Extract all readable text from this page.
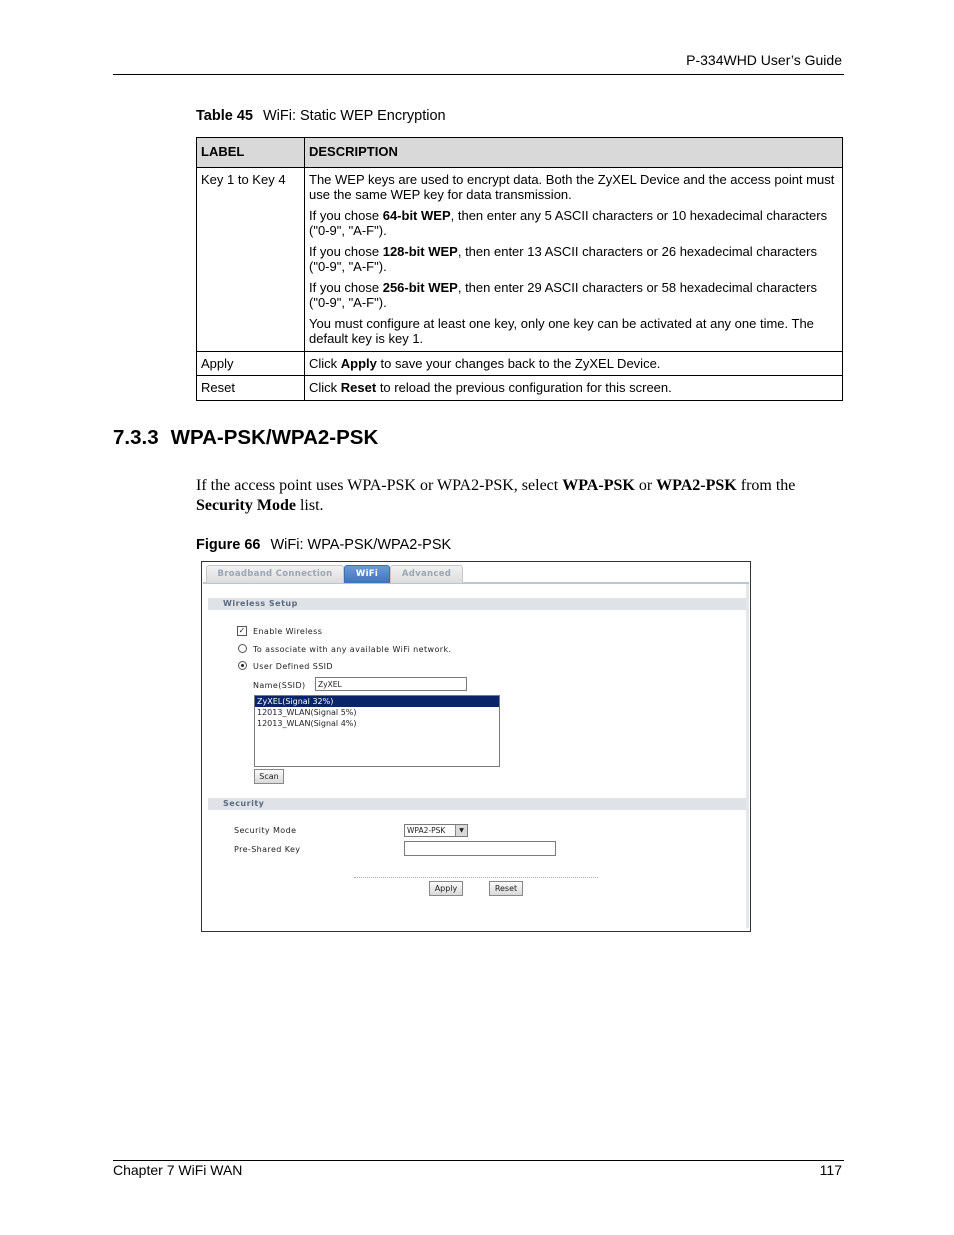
P-334WHD User’s Guide
Table 45 WiFi: Static WEP Encryption
LABEL	DESCRIPTION
Key 1 to Key 4	The WEP keys are used to encrypt data. Both the ZyXEL Device and the access point must use the same WEP key for data transmission.

If you chose 64-bit WEP, then enter any 5 ASCII characters or 10 hexadecimal characters ("0-9", "A-F").

If you chose 128-bit WEP, then enter 13 ASCII characters or 26 hexadecimal characters ("0-9", "A-F").

If you chose 256-bit WEP, then enter 29 ASCII characters or 58 hexadecimal characters ("0-9", "A-F").

You must configure at least one key, only one key can be activated at any one time. The default key is key 1.

Apply	Click Apply to save your changes back to the ZyXEL Device.
Reset	Click Reset to reload the previous configuration for this screen.
7.3.3 WPA-PSK/WPA2-PSK
If the access point uses WPA-PSK or WPA2-PSK, select WPA-PSK or WPA2-PSK from the Security Mode list.
Figure 66 WiFi: WPA-PSK/WPA2-PSK
Broadband Connection	WiFi	Advanced
Wireless Setup
✓ Enable Wireless
To associate with any available WiFi network.
User Defined SSID
Name(SSID)	ZyXEL
ZyXEL(Signal 32%)
12013_WLAN(Signal 5%)
12013_WLAN(Signal 4%)
Scan
Security
Security Mode	WPA2-PSK	▼
Pre-Shared Key
Apply	Reset
Chapter 7 WiFi WAN	117
